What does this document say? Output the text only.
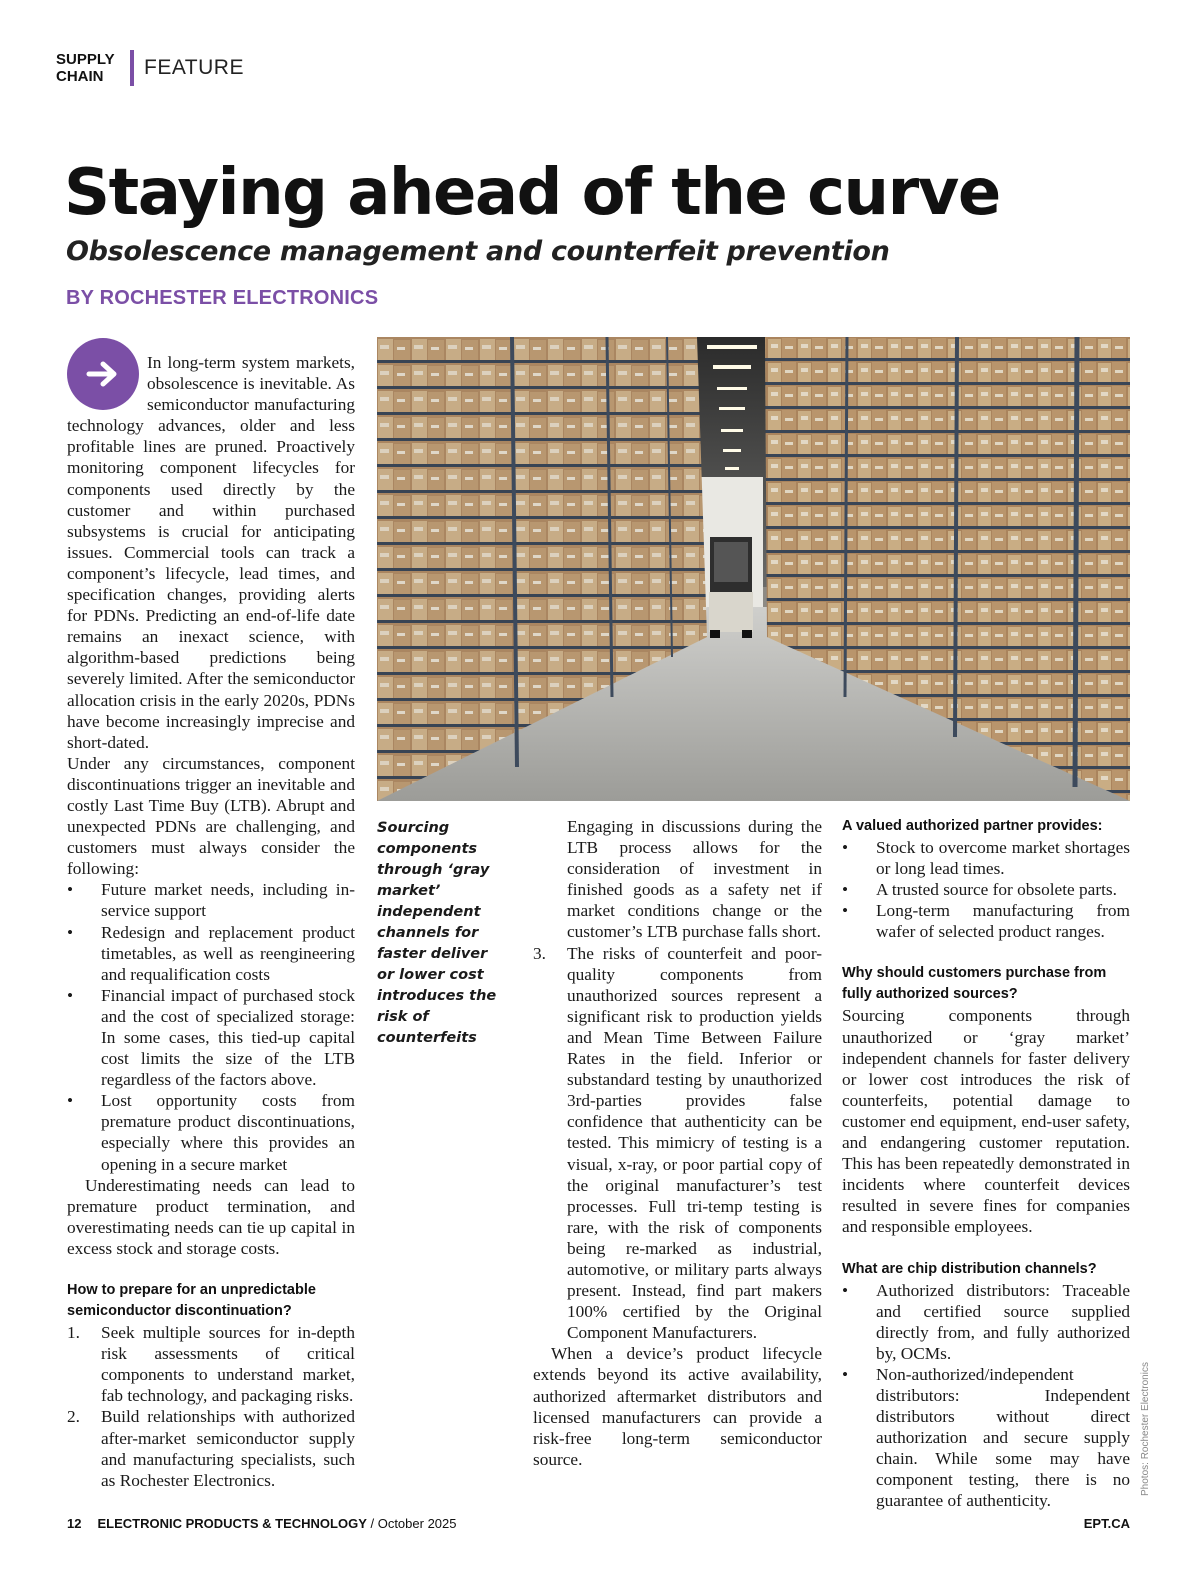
SUPPLY
CHAIN	FEATURE
Staying ahead of the curve
Obsolescence management and counterfeit prevention
BY ROCHESTER ELECTRONICS

In long-term system markets, obsolescence is inevitable. As semiconductor manufacturing technology advances, older and less profitable lines are pruned. Proactively monitoring component lifecycles for components used directly by the customer and within purchased subsystems is crucial for anticipating issues. Commercial tools can track a component’s lifecycle, lead times, and specification changes, providing alerts for PDNs. Predicting an end-of-life date remains an inexact science, with algorithm-based predictions being severely limited. After the semiconductor allocation crisis in the early 2020s, PDNs have become increasingly imprecise and short-dated.

Under any circumstances, component discontinuations trigger an inevitable and costly Last Time Buy (LTB). Abrupt and unexpected PDNs are challenging, and customers must always consider the following:

• Future market needs, including in-service support
• Redesign and replacement product timetables, as well as reengineering and requalification costs
• Financial impact of purchased stock and the cost of specialized storage: In some cases, this tied-up capital cost limits the size of the LTB regardless of the factors above.
• Lost opportunity costs from premature product discontinuations, especially where this provides an opening in a secure market

Underestimating needs can lead to premature product termination, and overestimating needs can tie up capital in excess stock and storage costs.

How to prepare for an unpredictable semiconductor discontinuation?
1. Seek multiple sources for in-depth risk assessments of critical components to understand market, fab technology, and packaging risks.
2. Build relationships with authorized after-market semiconductor supply and manufacturing specialists, such as Rochester Electronics.
Sourcing components through ‘gray market’ independent channels for faster deliver or lower cost introduces the risk of counterfeits

Engaging in discussions during the LTB process allows for the consideration of investment in finished goods as a safety net if market conditions change or the customer’s LTB purchase falls short.

3. The risks of counterfeit and poor-quality components from unauthorized sources represent a significant risk to production yields and Mean Time Between Failure Rates in the field. Inferior or substandard testing by unauthorized 3rd-parties provides false confidence that authenticity can be tested. This mimicry of testing is a visual, x-ray, or poor partial copy of the original manufacturer’s test processes. Full tri-temp testing is rare, with the risk of components being re-marked as industrial, automotive, or military parts always present. Instead, find part makers 100% certified by the Original Component Manufacturers.

When a device’s product lifecycle extends beyond its active availability, authorized aftermarket distributors and licensed manufacturers can provide a risk-free long-term semiconductor source.

A valued authorized partner provides:
• Stock to overcome market shortages or long lead times.
• A trusted source for obsolete parts.
• Long-term manufacturing from wafer of selected product ranges.
Why should customers purchase from fully authorized sources?

Sourcing components through unauthorized or ‘gray market’ independent channels for faster delivery or lower cost introduces the risk of counterfeits, potential damage to customer end equipment, end-user safety, and endangering customer reputation. This has been repeatedly demonstrated in incidents where counterfeit devices resulted in severe fines for companies and responsible employees.

What are chip distribution channels?
• Authorized distributors: Traceable and certified source supplied directly from, and fully authorized by, OCMs.
• Non-authorized/independent distributors: Independent distributors without direct authorization and secure supply chain. While some may have component testing, there is no guarantee of authenticity.
Photos: Rochester Electronics
12 ELECTRONIC PRODUCTS & TECHNOLOGY / October 2025	EPT.CA
